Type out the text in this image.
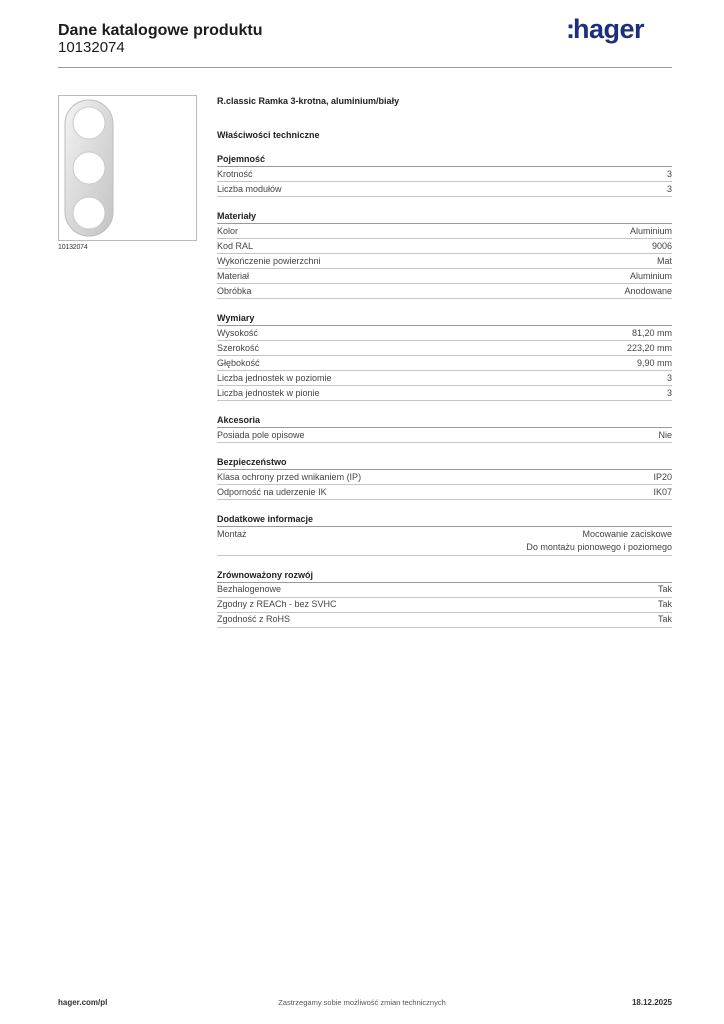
Dane katalogowe produktu
10132074
:hager
10132074
R.classic Ramka 3-krotna, aluminium/biały
Właściwości techniczne
Pojemność
Krotność	3
Liczba modułów	3
Materiały
Kolor	Aluminium
Kod RAL	9006
Wykończenie powierzchni	Mat
Materiał	Aluminium
Obróbka	Anodowane
Wymiary
Wysokość	81,20 mm
Szerokość	223,20 mm
Głębokość	9,90 mm
Liczba jednostek w poziomie	3
Liczba jednostek w pionie	3
Akcesoria
Posiada pole opisowe	Nie
Bezpieczeństwo
Klasa ochrony przed wnikaniem (IP)	IP20
Odporność na uderzenie IK	IK07
Dodatkowe informacje
Montaż	Mocowanie zaciskowe
Do montażu pionowego i poziomego
Zrównoważony rozwój
Bezhalogenowe	Tak
Zgodny z REACh - bez SVHC	Tak
Zgodność z RoHS	Tak
hager.com/pl	Zastrzegamy sobie możliwość zmian technicznych	18.12.2025
